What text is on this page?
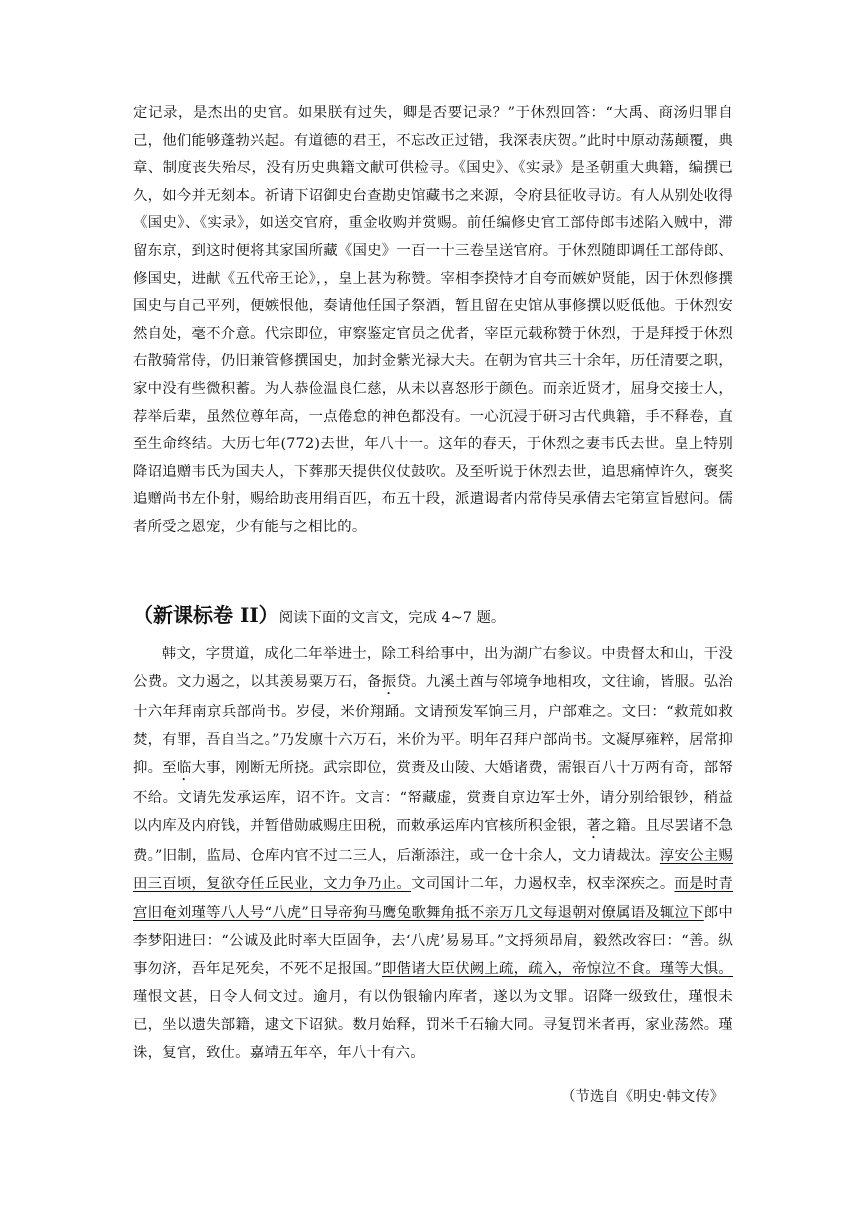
定记录，是杰出的史官。如果朕有过失，卿是否要记录？”于休烈回答：“大禹、商汤归罪自己，他们能够蓬勃兴起。有道德的君王，不忘改正过错，我深表庆贺。”此时中原动荡颠覆，典章、制度丧失殆尽，没有历史典籍文献可供检寻。《国史》、《实录》是圣朝重大典籍，编撰已久，如今并无刻本。祈请下诏御史台查勘史馆藏书之来源，令府县征收寻访。有人从别处收得《国史》、《实录》，如送交官府，重金收购并赏赐。前任编修史官工部侍郎韦述陷入贼中，滞留东京，到这时便将其家国所藏《国史》一百一十三卷呈送官府。于休烈随即调任工部侍郎、修国史，进献《五代帝王论》，，皇上甚为称赞。宰相李揆恃才自夸而嫉妒贤能，因于休烈修撰国史与自己平列，便嫉恨他，奏请他任国子祭酒，暂且留在史馆从事修撰以贬低他。于休烈安然自处，毫不介意。代宗即位，审察鉴定官员之优者，宰臣元载称赞于休烈，于是拜授于休烈右散骑常侍，仍旧兼管修撰国史，加封金紫光禄大夫。在朝为官共三十余年，历任清要之职，家中没有些微积蓄。为人恭俭温良仁慈，从未以喜怒形于颜色。而亲近贤才，屈身交接士人，荐举后辈，虽然位尊年高，一点倦怠的神色都没有。一心沉浸于研习古代典籍，手不释卷，直至生命终结。大历七年(772)去世，年八十一。这年的春天，于休烈之妻韦氏去世。皇上特别降诏追赠韦氏为国夫人，下葬那天提供仪仗鼓吹。及至听说于休烈去世，追思痛悼许久，褒奖追赠尚书左仆射，赐给助丧用绢百匹，布五十段，派遣谒者内常侍吴承倩去宅第宣旨慰问。儒者所受之恩宠，少有能与之相比的。
（新课标卷 II）阅读下面的文言文，完成 4~7 题。

韩文，字贯道，成化二年举进士，除工科给事中，出为湖广右参议。中贵督太和山，干没公费。文力遏之，以其羡易粟万石，备振贷。九溪土酋与邻境争地相攻，文往谕，皆服。弘治十六年拜南京兵部尚书。岁侵，米价翔踊。文请预发军饷三月，户部难之。文曰：“救荒如救焚，有罪，吾自当之。”乃发廪十六万石，米价为平。明年召拜户部尚书。文凝厚雍粹，居常抑抑。至临大事，刚断无所挠。武宗即位，赏赉及山陵、大婚诸费，需银百八十万两有奇，部帑不给。文请先发承运库，诏不许。文言：“帑藏虚，赏赉自京边军士外，请分别给银钞，稍益以内库及内府钱，并暂借勋戚赐庄田税，而敕承运库内官核所积金银，著之籍。且尽罢诸不急费。”旧制，监局、仓库内官不过二三人，后渐添注，或一仓十余人，文力请裁汰。淳安公主赐田三百顷，复欲夺任丘民业，文力争乃止。文司国计二年，力遏权幸，权幸深疾之。而是时青宫旧奄刘瑾等八人号“八虎”日导帝狗马鹰兔歌舞角抵不亲万几文每退朝对僚属语及辄泣下郎中李梦阳进曰：“公诚及此时率大臣固争，去‘八虎’易易耳。”文捋须昂肩，毅然改容曰：“善。纵事勿济，吾年足死矣，不死不足报国。”即偕诸大臣伏阙上疏，疏入，帝惊泣不食。瑾等大惧。瑾恨文甚，日令人伺文过。逾月，有以伪银输内库者，遂以为文罪。诏降一级致仕，瑾恨未已，坐以遗失部籍，逮文下诏狱。数月始释，罚米千石输大同。寻复罚米者再，家业荡然。瑾诛，复官，致仕。嘉靖五年卒，年八十有六。

（节选自《明史·韩文传》
